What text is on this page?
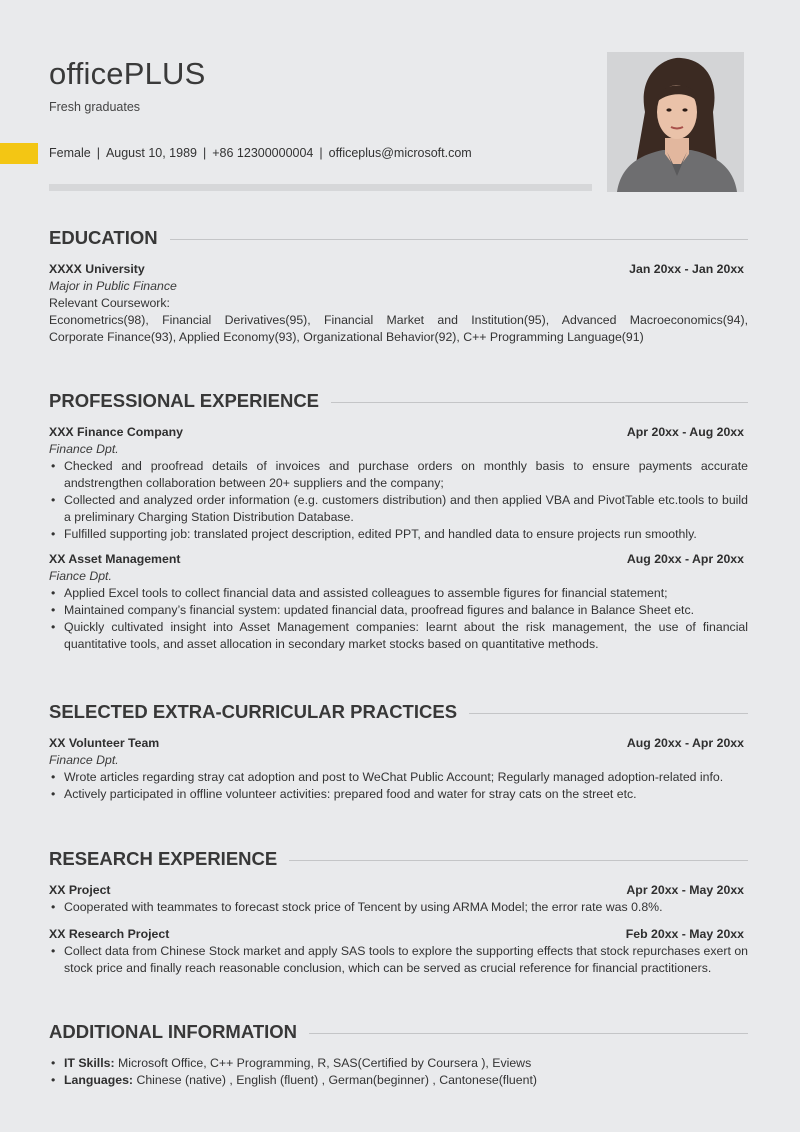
officePLUS
Fresh graduates
Female | August 10, 1989 | +86 12300000004 | officeplus@microsoft.com
EDUCATION
XXXX University	Jan 20xx - Jan 20xx
Major in Public Finance
Relevant Coursework:
Econometrics(98), Financial Derivatives(95), Financial Market and Institution(95), Advanced Macroeconomics(94),
Corporate Finance(93), Applied Economy(93), Organizational Behavior(92), C++ Programming Language(91)
PROFESSIONAL EXPERIENCE
XXX Finance Company	Apr 20xx - Aug 20xx
Finance Dpt.
• Checked and proofread details of invoices and purchase orders on monthly basis to ensure payments accurate andstrengthen collaboration between 20+ suppliers and the company;
• Collected and analyzed order information (e.g. customers distribution) and then applied VBA and PivotTable etc.tools to build a preliminary Charging Station Distribution Database.
• Fulfilled supporting job: translated project description, edited PPT, and handled data to ensure projects run smoothly.
XX Asset Management	Aug 20xx - Apr 20xx
Fiance Dpt.
• Applied Excel tools to collect financial data and assisted colleagues to assemble figures for financial statement;
• Maintained company’s financial system: updated financial data, proofread figures and balance in Balance Sheet etc.
• Quickly cultivated insight into Asset Management companies: learnt about the risk management, the use of financial quantitative tools, and asset allocation in secondary market stocks based on quantitative methods.
SELECTED EXTRA-CURRICULAR PRACTICES
XX Volunteer Team	Aug 20xx - Apr 20xx
Finance Dpt.
• Wrote articles regarding stray cat adoption and post to WeChat Public Account; Regularly managed adoption-related info.
• Actively participated in offline volunteer activities: prepared food and water for stray cats on the street etc.
RESEARCH EXPERIENCE
XX Project	Apr 20xx - May 20xx
• Cooperated with teammates to forecast stock price of Tencent by using ARMA Model; the error rate was 0.8%.
XX Research Project	Feb 20xx - May 20xx
• Collect data from Chinese Stock market and apply SAS tools to explore the supporting effects that stock repurchases exert on stock price and finally reach reasonable conclusion, which can be served as crucial reference for financial practitioners.
ADDITIONAL INFORMATION
• IT Skills: Microsoft Office, C++ Programming, R, SAS(Certified by Coursera ), Eviews
• Languages: Chinese (native) , English (fluent) , German(beginner) , Cantonese(fluent)
